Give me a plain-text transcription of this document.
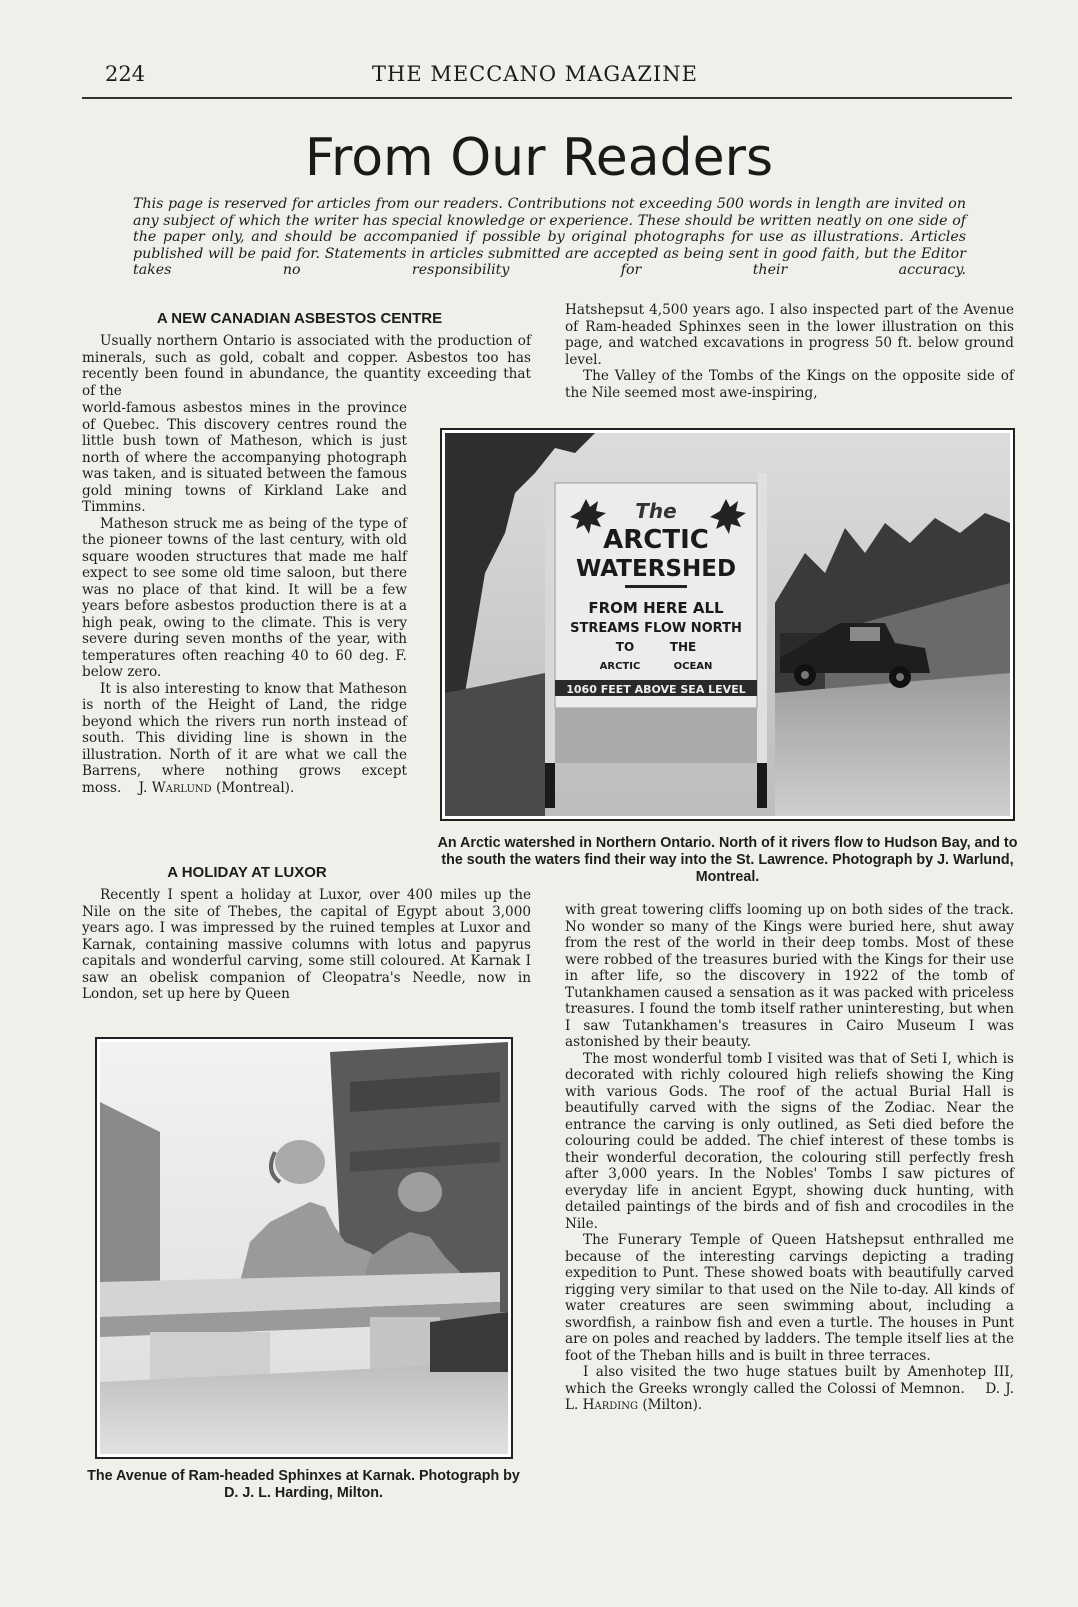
224	THE MECCANO MAGAZINE
From Our Readers

This page is reserved for articles from our readers. Contributions not exceeding 500 words in length are invited on any subject of which the writer has special knowledge or experience. These should be written neatly on one side of the paper only, and should be accompanied if possible by original photographs for use as illustrations. Articles published will be paid for. Statements in articles submitted are accepted as being sent in good faith, but the Editor takes no responsibility for their accuracy.

A NEW CANADIAN ASBESTOS CENTRE

Usually northern Ontario is associated with the production of minerals, such as gold, cobalt and copper. Asbestos too has recently been found in abundance, the quantity exceeding that of the

world-famous asbestos mines in the province of Quebec. This discovery centres round the little bush town of Matheson, which is just north of where the accompanying photograph was taken, and is situated between the famous gold mining towns of Kirkland Lake and Timmins.

Matheson struck me as being of the type of the pioneer towns of the last century, with old square wooden structures that made me half expect to see some old time saloon, but there was no place of that kind. It will be a few years before asbestos production there is at a high peak, owing to the climate. This is very severe during seven months of the year, with temperatures often reaching 40 to 60 deg. F. below zero.

It is also interesting to know that Matheson is north of the Height of Land, the ridge beyond which the rivers run north instead of south. This dividing line is shown in the illustration. North of it are what we call the Barrens, where nothing grows except moss. J. Warlund (Montreal).

A HOLIDAY AT LUXOR

Recently I spent a holiday at Luxor, over 400 miles up the Nile on the site of Thebes, the capital of Egypt about 3,000 years ago. I was impressed by the ruined temples at Luxor and Karnak, containing massive columns with lotus and papyrus capitals and wonderful carving, some still coloured. At Karnak I saw an obelisk companion of Cleopatra's Needle, now in London, set up here by Queen

Hatshepsut 4,500 years ago. I also inspected part of the Avenue of Ram-headed Sphinxes seen in the lower illustration on this page, and watched excavations in progress 50 ft. below ground level.

The Valley of the Tombs of the Kings on the opposite side of the Nile seemed most awe-inspiring,

The
ARCTIC
WATERSHED
FROM HERE ALL
STREAMS FLOW NORTH
TO	THE
ARCTIC	OCEAN
1060 FEET ABOVE SEA LEVEL
An Arctic watershed in Northern Ontario. North of it rivers flow to Hudson Bay, and to the south the waters find their way into the St. Lawrence. Photograph by J. Warlund, Montreal.
The Avenue of Ram-headed Sphinxes at Karnak. Photograph by D. J. L. Harding, Milton.

with great towering cliffs looming up on both sides of the track. No wonder so many of the Kings were buried here, shut away from the rest of the world in their deep tombs. Most of these were robbed of the treasures buried with the Kings for their use in after life, so the discovery in 1922 of the tomb of Tutankhamen caused a sensation as it was packed with priceless treasures. I found the tomb itself rather uninteresting, but when I saw Tutankhamen's treasures in Cairo Museum I was astonished by their beauty.

The most wonderful tomb I visited was that of Seti I, which is decorated with richly coloured high reliefs showing the King with various Gods. The roof of the actual Burial Hall is beautifully carved with the signs of the Zodiac. Near the entrance the carving is only outlined, as Seti died before the colouring could be added. The chief interest of these tombs is their wonderful decoration, the colouring still perfectly fresh after 3,000 years. In the Nobles' Tombs I saw pictures of everyday life in ancient Egypt, showing duck hunting, with detailed paintings of the birds and of fish and crocodiles in the Nile.

The Funerary Temple of Queen Hatshepsut enthralled me because of the interesting carvings depicting a trading expedition to Punt. These showed boats with beautifully carved rigging very similar to that used on the Nile to-day. All kinds of water creatures are seen swimming about, including a swordfish, a rainbow fish and even a turtle. The houses in Punt are on poles and reached by ladders. The temple itself lies at the foot of the Theban hills and is built in three terraces.

I also visited the two huge statues built by Amenhotep III, which the Greeks wrongly called the Colossi of Memnon. D. J. L. Harding (Milton).
